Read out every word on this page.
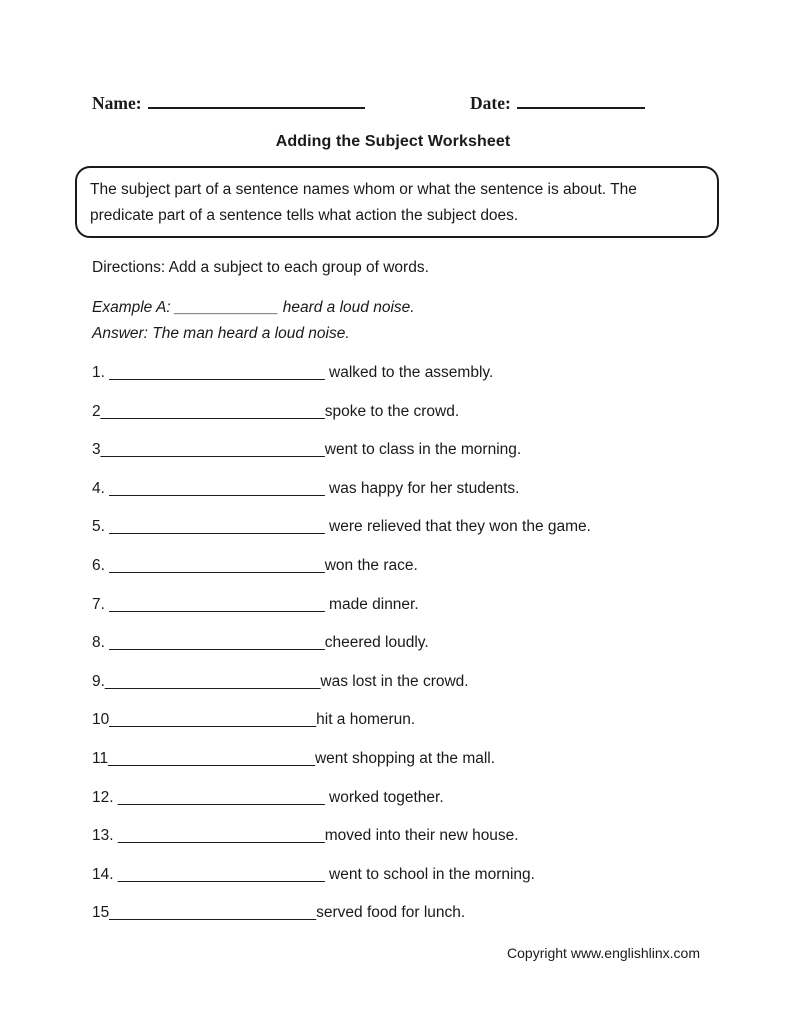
Name:	Date:
Adding the Subject Worksheet

The subject part of a sentence names whom or what the sentence is about. The predicate part of a sentence tells what action the subject does.

Directions: Add a subject to each group of words.
Example A: ____________ heard a loud noise.
Answer: The man heard a loud noise.
1. _________________________ walked to the assembly.
2__________________________spoke to the crowd.
3__________________________went to class in the morning.
4. _________________________ was happy for her students.
5. _________________________ were relieved that they won the game.
6. _________________________won the race.
7. _________________________ made dinner.
8. _________________________cheered loudly.
9._________________________was lost in the crowd.
10________________________hit a homerun.
11________________________went shopping at the mall.
12. ________________________ worked together.
13. ________________________moved into their new house.
14. ________________________ went to school in the morning.
15________________________served food for lunch.
Copyright www.englishlinx.com
